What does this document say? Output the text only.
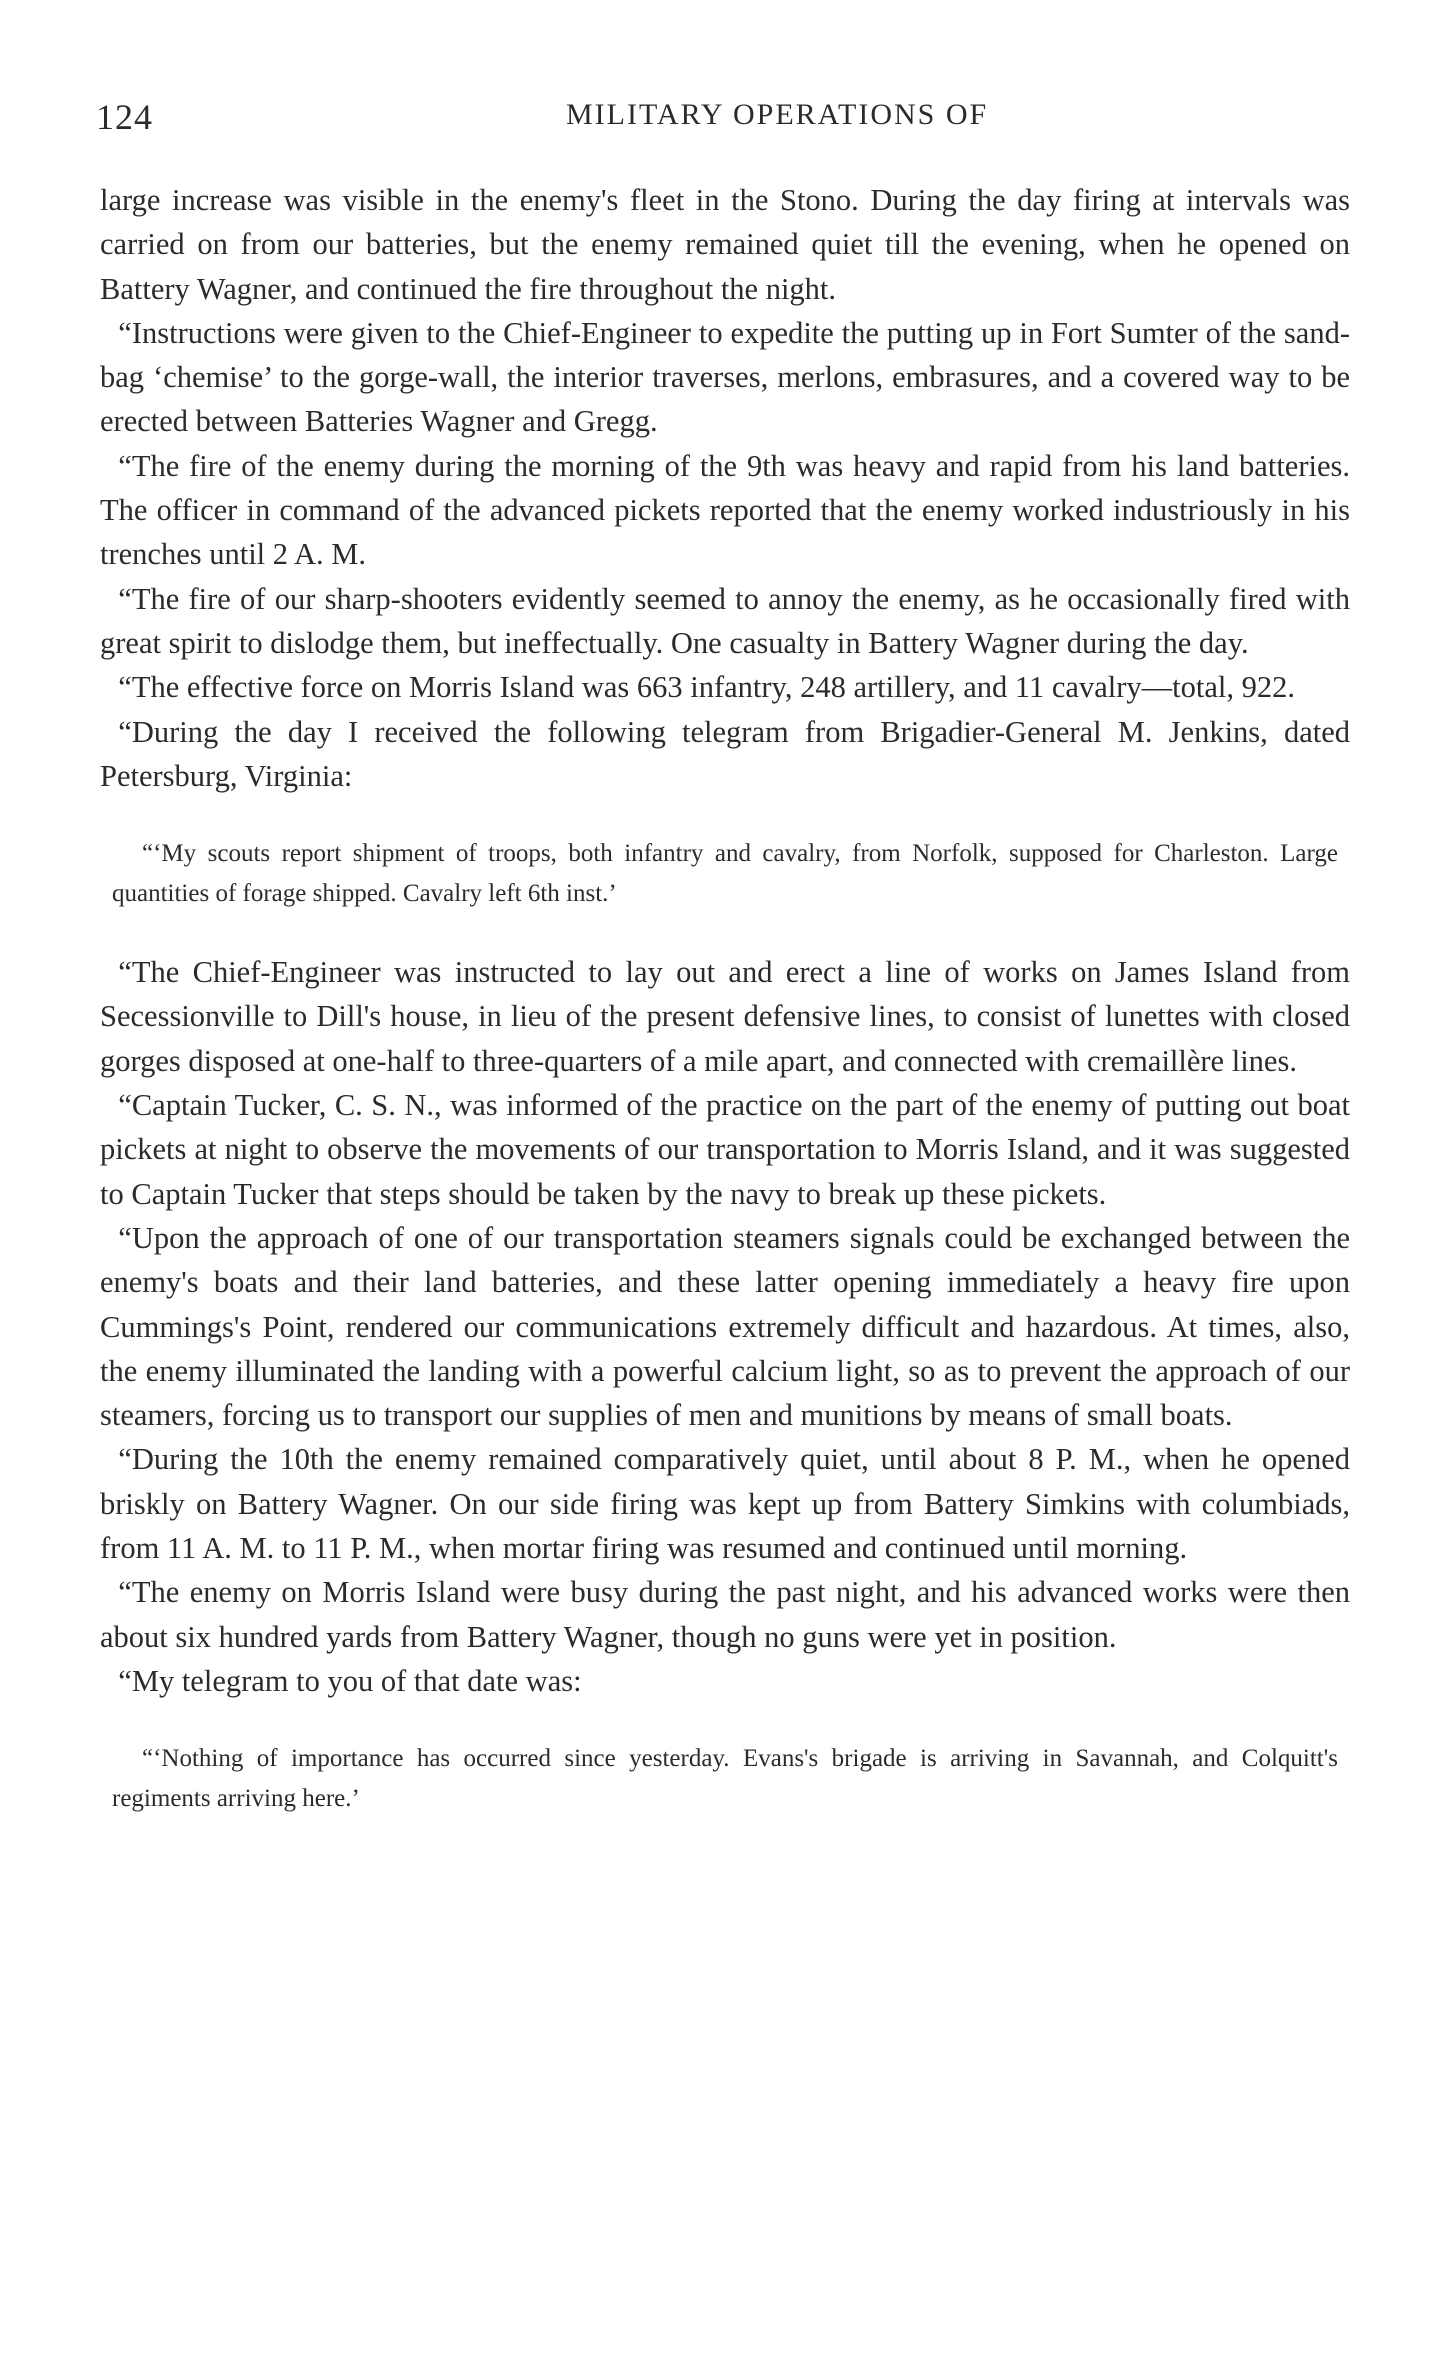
124	MILITARY OPERATIONS OF

large increase was visible in the enemy's fleet in the Stono. During the day firing at intervals was carried on from our batteries, but the enemy remained quiet till the evening, when he opened on Battery Wagner, and continued the fire throughout the night.

“Instructions were given to the Chief-Engineer to expedite the putting up in Fort Sumter of the sand-bag ‘chemise’ to the gorge-wall, the interior traverses, merlons, embrasures, and a covered way to be erected between Batteries Wagner and Gregg.

“The fire of the enemy during the morning of the 9th was heavy and rapid from his land batteries. The officer in command of the advanced pickets reported that the enemy worked industriously in his trenches until 2 A. M.

“The fire of our sharp-shooters evidently seemed to annoy the enemy, as he occasionally fired with great spirit to dislodge them, but ineffectually. One casualty in Battery Wagner during the day.

“The effective force on Morris Island was 663 infantry, 248 artillery, and 11 cavalry—total, 922.

“During the day I received the following telegram from Brigadier-General M. Jenkins, dated Petersburg, Virginia:

“‘My scouts report shipment of troops, both infantry and cavalry, from Norfolk, supposed for Charleston. Large quantities of forage shipped. Cavalry left 6th inst.’

“The Chief-Engineer was instructed to lay out and erect a line of works on James Island from Secessionville to Dill's house, in lieu of the present defensive lines, to consist of lunettes with closed gorges disposed at one-half to three-quarters of a mile apart, and connected with cremaillère lines.

“Captain Tucker, C. S. N., was informed of the practice on the part of the enemy of putting out boat pickets at night to observe the movements of our transportation to Morris Island, and it was suggested to Captain Tucker that steps should be taken by the navy to break up these pickets.

“Upon the approach of one of our transportation steamers signals could be exchanged between the enemy's boats and their land batteries, and these latter opening immediately a heavy fire upon Cummings's Point, rendered our communications extremely difficult and hazardous. At times, also, the enemy illuminated the landing with a powerful calcium light, so as to prevent the approach of our steamers, forcing us to transport our supplies of men and munitions by means of small boats.

“During the 10th the enemy remained comparatively quiet, until about 8 P. M., when he opened briskly on Battery Wagner. On our side firing was kept up from Battery Simkins with columbiads, from 11 A. M. to 11 P. M., when mortar firing was resumed and continued until morning.

“The enemy on Morris Island were busy during the past night, and his advanced works were then about six hundred yards from Battery Wagner, though no guns were yet in position.

“My telegram to you of that date was:

“‘Nothing of importance has occurred since yesterday. Evans's brigade is arriving in Savannah, and Colquitt's regiments arriving here.’
